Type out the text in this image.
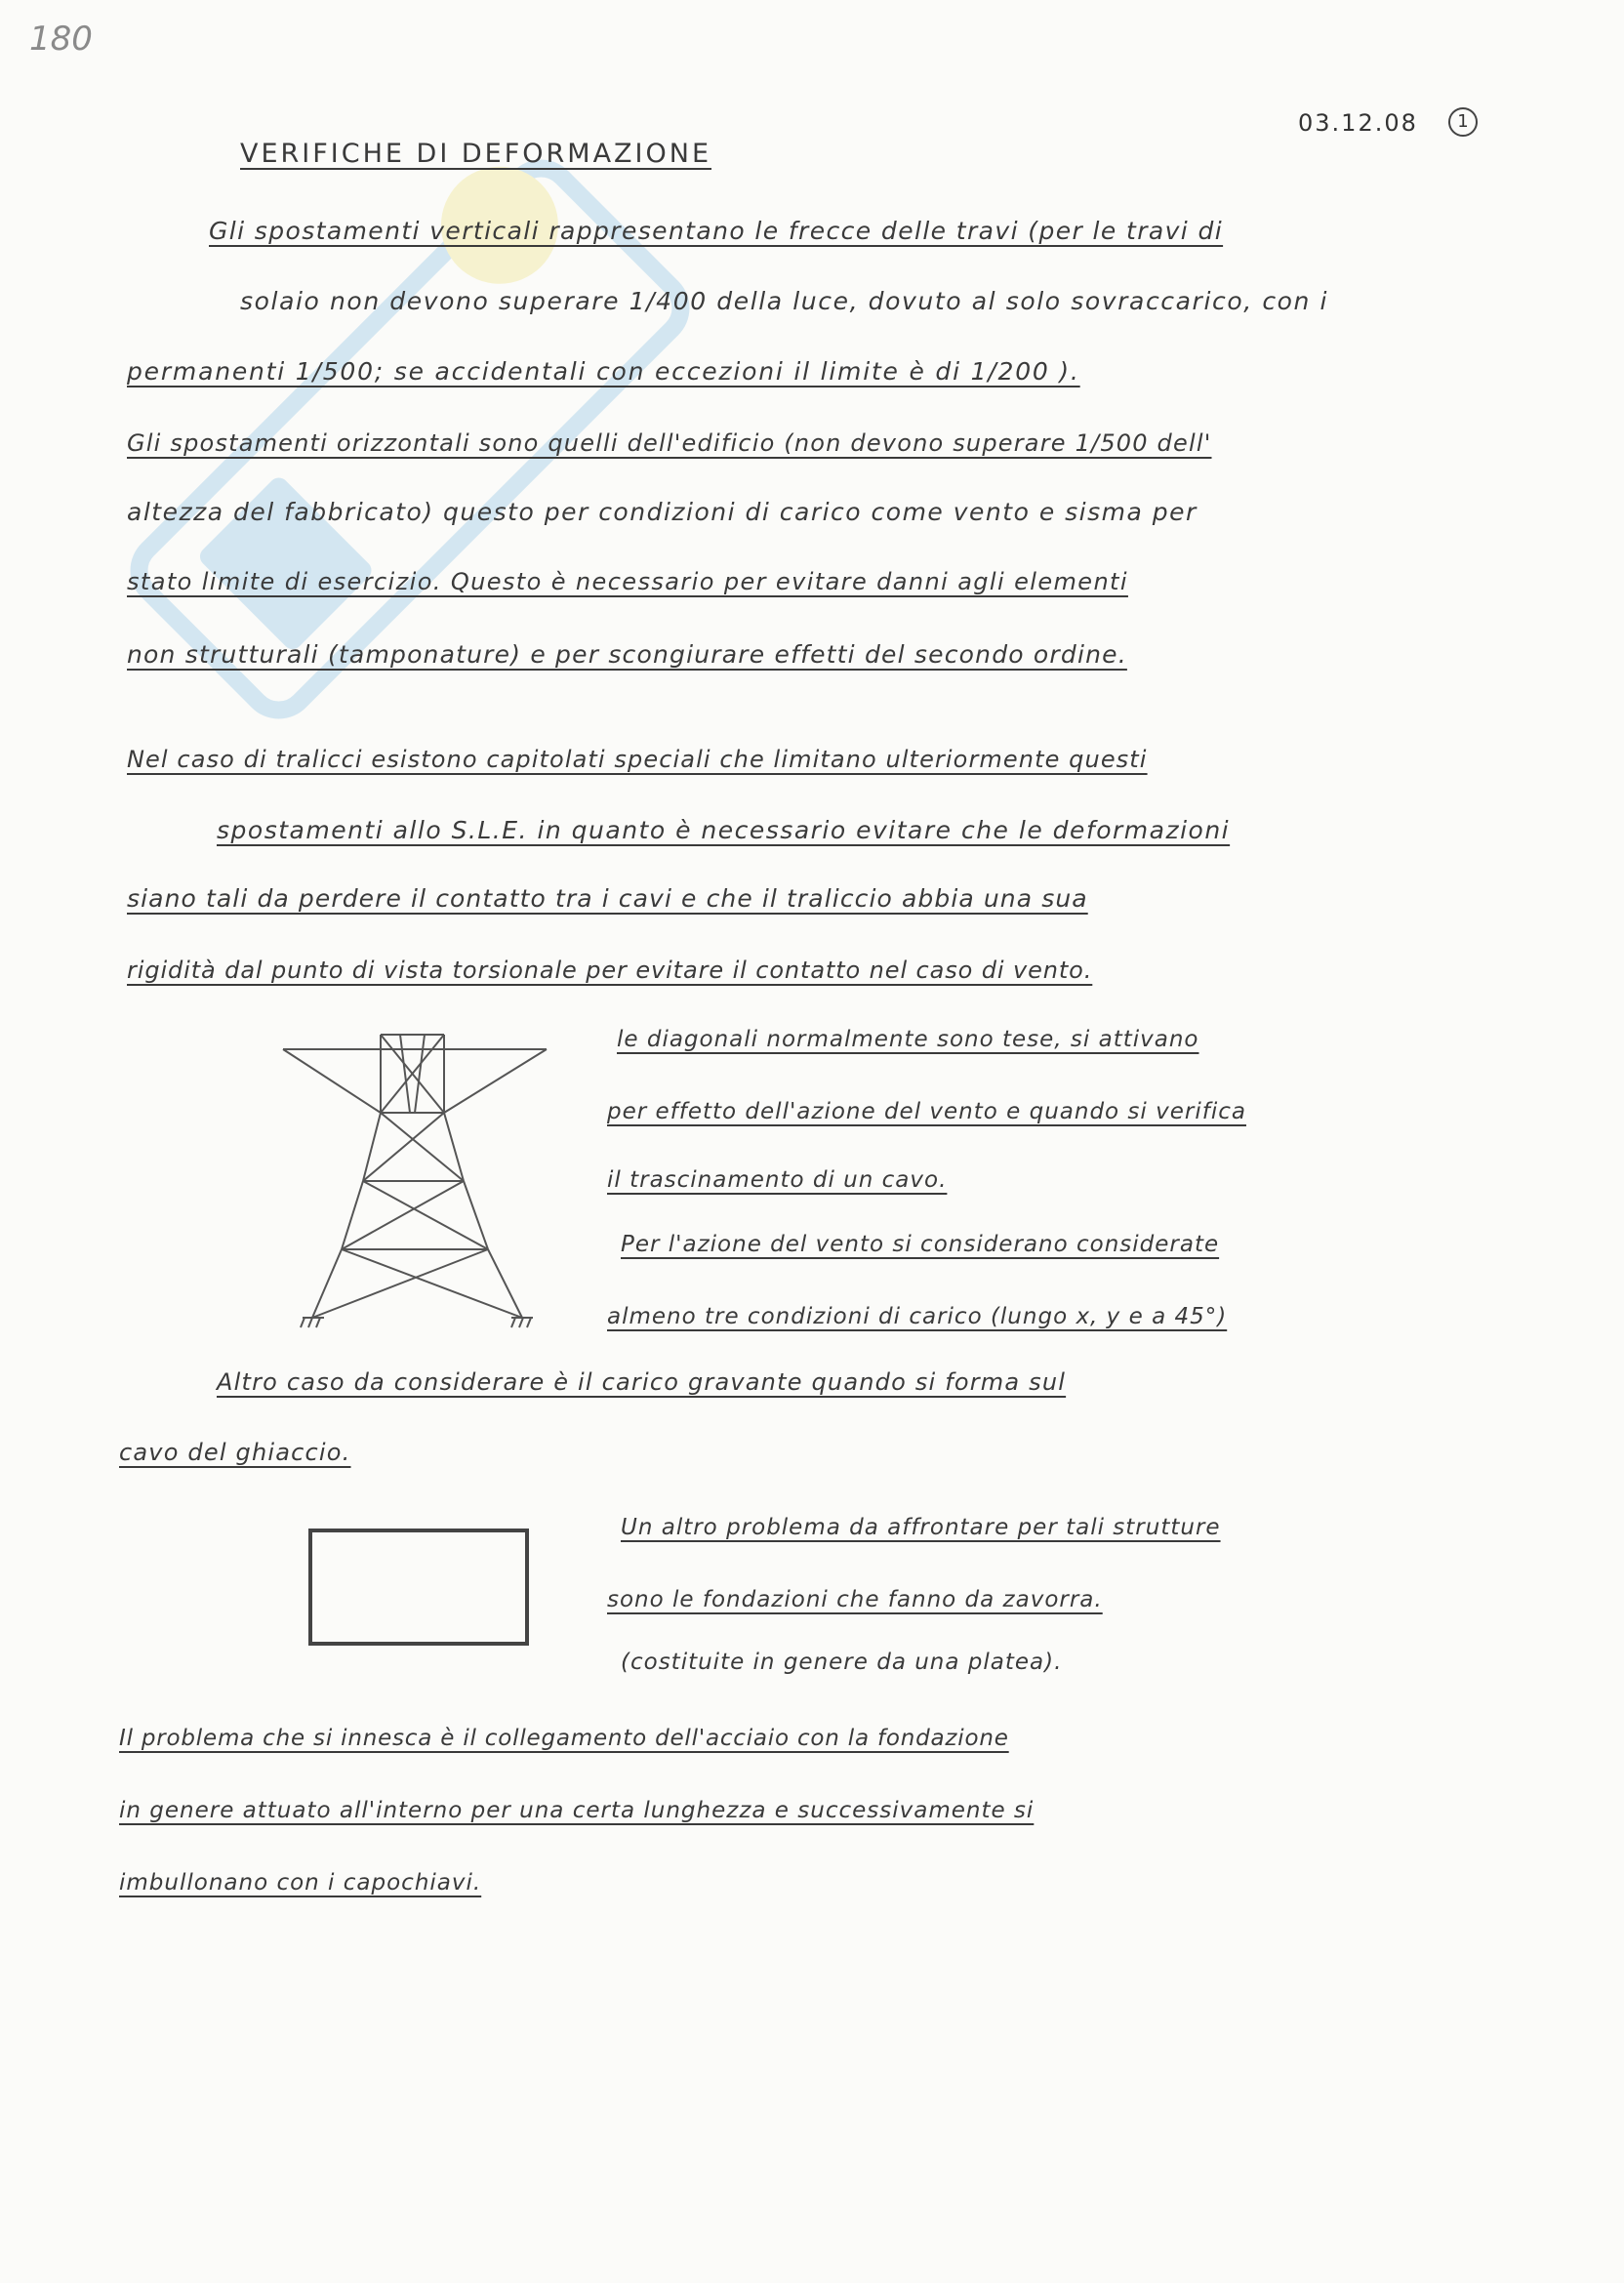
180
03.12.08	1
VERIFICHE DI DEFORMAZIONE
Gli spostamenti verticali rappresentano le frecce delle travi (per le travi di
solaio non devono superare 1/400 della luce, dovuto al solo sovraccarico, con i
permanenti 1/500; se accidentali con eccezioni il limite è di 1/200 ).
Gli spostamenti orizzontali sono quelli dell'edificio (non devono superare 1/500 dell'
altezza del fabbricato) questo per condizioni di carico come vento e sisma per
stato limite di esercizio. Questo è necessario per evitare danni agli elementi
non strutturali (tamponature) e per scongiurare effetti del secondo ordine.
Nel caso di tralicci esistono capitolati speciali che limitano ulteriormente questi
spostamenti allo S.L.E. in quanto è necessario evitare che le deformazioni
siano tali da perdere il contatto tra i cavi e che il traliccio abbia una sua
rigidità dal punto di vista torsionale per evitare il contatto nel caso di vento.
le diagonali normalmente sono tese, si attivano
per effetto dell'azione del vento e quando si verifica
il trascinamento di un cavo.
Per l'azione del vento si considerano considerate
almeno tre condizioni di carico (lungo x, y e a 45°)
Altro caso da considerare è il carico gravante quando si forma sul
cavo del ghiaccio.
Un altro problema da affrontare per tali strutture
sono le fondazioni che fanno da zavorra.
(costituite in genere da una platea).
Il problema che si innesca è il collegamento dell'acciaio con la fondazione
in genere attuato all'interno per una certa lunghezza e successivamente si
imbullonano con i capochiavi.
